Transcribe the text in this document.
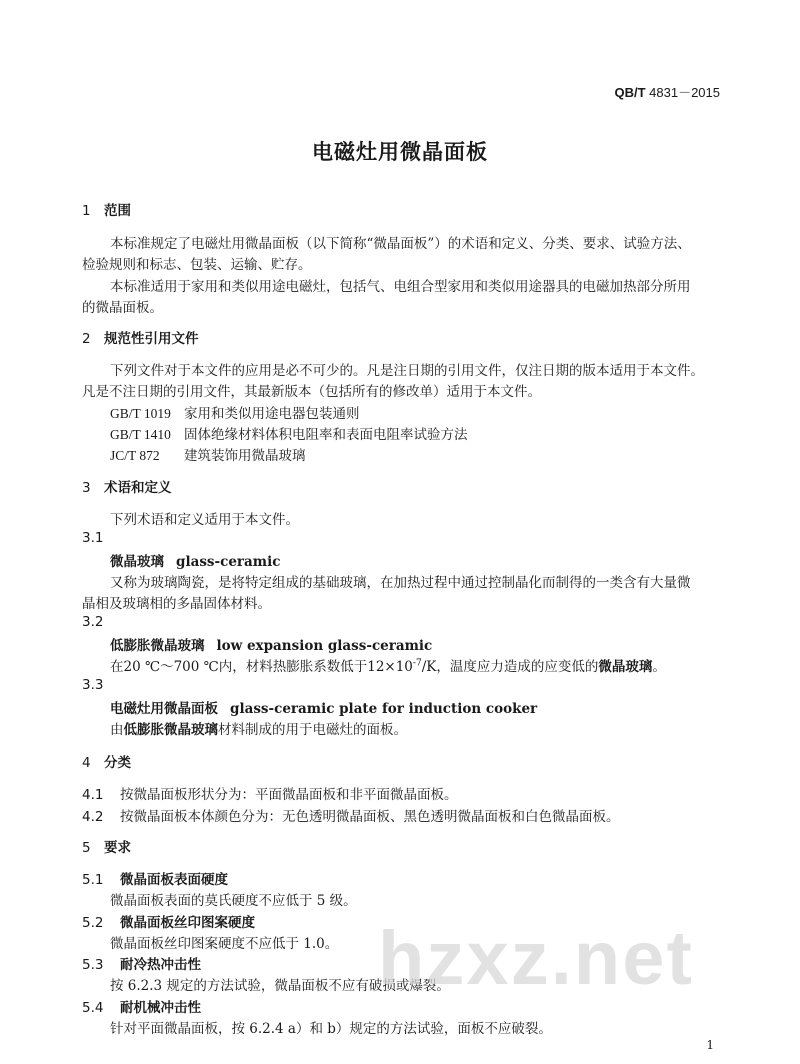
QB/T 4831－2015
电磁灶用微晶面板
1 范围
本标准规定了电磁灶用微晶面板（以下简称“微晶面板”）的术语和定义、分类、要求、试验方法、
检验规则和标志、包装、运输、贮存。
本标准适用于家用和类似用途电磁灶，包括气、电组合型家用和类似用途器具的电磁加热部分所用
的微晶面板。
2 规范性引用文件
下列文件对于本文件的应用是必不可少的。凡是注日期的引用文件，仅注日期的版本适用于本文件。
凡是不注日期的引用文件，其最新版本（包括所有的修改单）适用于本文件。
GB/T 1019 家用和类似用途电器包装通则
GB/T 1410 固体绝缘材料体积电阻率和表面电阻率试验方法
JC/T 872 建筑装饰用微晶玻璃
3 术语和定义
下列术语和定义适用于本文件。
3.1
微晶玻璃 glass-ceramic
又称为玻璃陶瓷，是将特定组成的基础玻璃，在加热过程中通过控制晶化而制得的一类含有大量微
晶相及玻璃相的多晶固体材料。
3.2
低膨胀微晶玻璃 low expansion glass-ceramic
在20 ℃～700 ℃内，材料热膨胀系数低于$12\times 10^{-7}/K$，温度应力造成的应变低的微晶玻璃。
3.3
电磁灶用微晶面板 glass-ceramic plate for induction cooker
由低膨胀微晶玻璃材料制成的用于电磁灶的面板。
4 分类
4.1 按微晶面板形状分为：平面微晶面板和非平面微晶面板。
4.2 按微晶面板本体颜色分为：无色透明微晶面板、黑色透明微晶面板和白色微晶面板。
5 要求
5.1 微晶面板表面硬度
微晶面板表面的莫氏硬度不应低于 5 级。
5.2 微晶面板丝印图案硬度
微晶面板丝印图案硬度不应低于 1.0。
5.3 耐冷热冲击性
按 6.2.3 规定的方法试验，微晶面板不应有破损或爆裂。
5.4 耐机械冲击性
针对平面微晶面板，按 6.2.4 a）和 b）规定的方法试验，面板不应破裂。
hzxz.net
1
